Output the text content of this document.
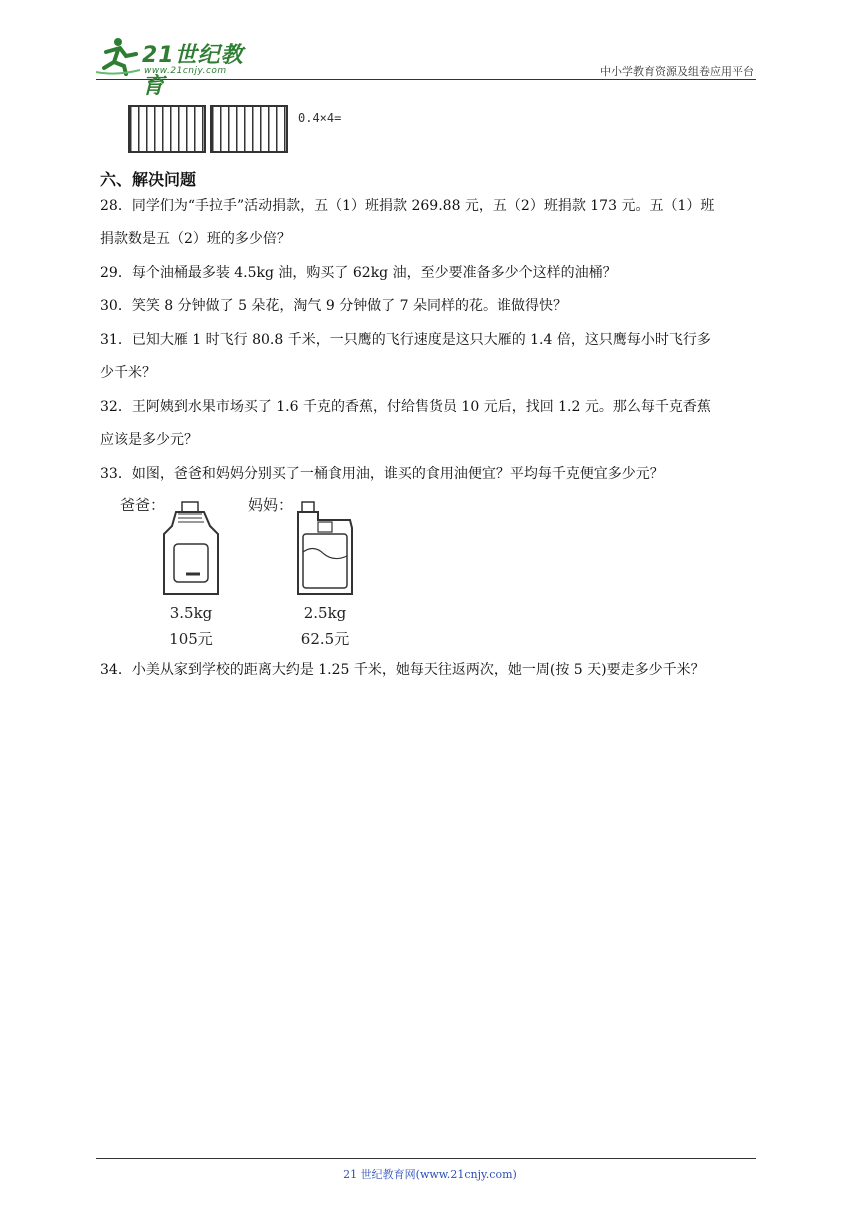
21世纪教育
www.21cnjy.com	中小学教育资源及组卷应用平台
0.4×4=
六、解决问题
28．同学们为“手拉手”活动捐款，五（1）班捐款 269.88 元，五（2）班捐款 173 元。五（1）班
捐款数是五（2）班的多少倍？
29．每个油桶最多装 4.5kg 油，购买了 62kg 油，至少要准备多少个这样的油桶？
30．笑笑 8 分钟做了 5 朵花，淘气 9 分钟做了 7 朵同样的花。谁做得快？
31．已知大雁 1 时飞行 80.8 千米，一只鹰的飞行速度是这只大雁的 1.4 倍，这只鹰每小时飞行多
少千米？
32．王阿姨到水果市场买了 1.6 千克的香蕉，付给售货员 10 元后，找回 1.2 元。那么每千克香蕉
应该是多少元？
33．如图，爸爸和妈妈分别买了一桶食用油，谁买的食用油便宜？平均每千克便宜多少元？
爸爸：	妈妈：
3.5kg
105元
2.5kg
62.5元
34．小美从家到学校的距离大约是 1.25 千米，她每天往返两次，她一周(按 5 天)要走多少千米？
21 世纪教育网(www.21cnjy.com)
